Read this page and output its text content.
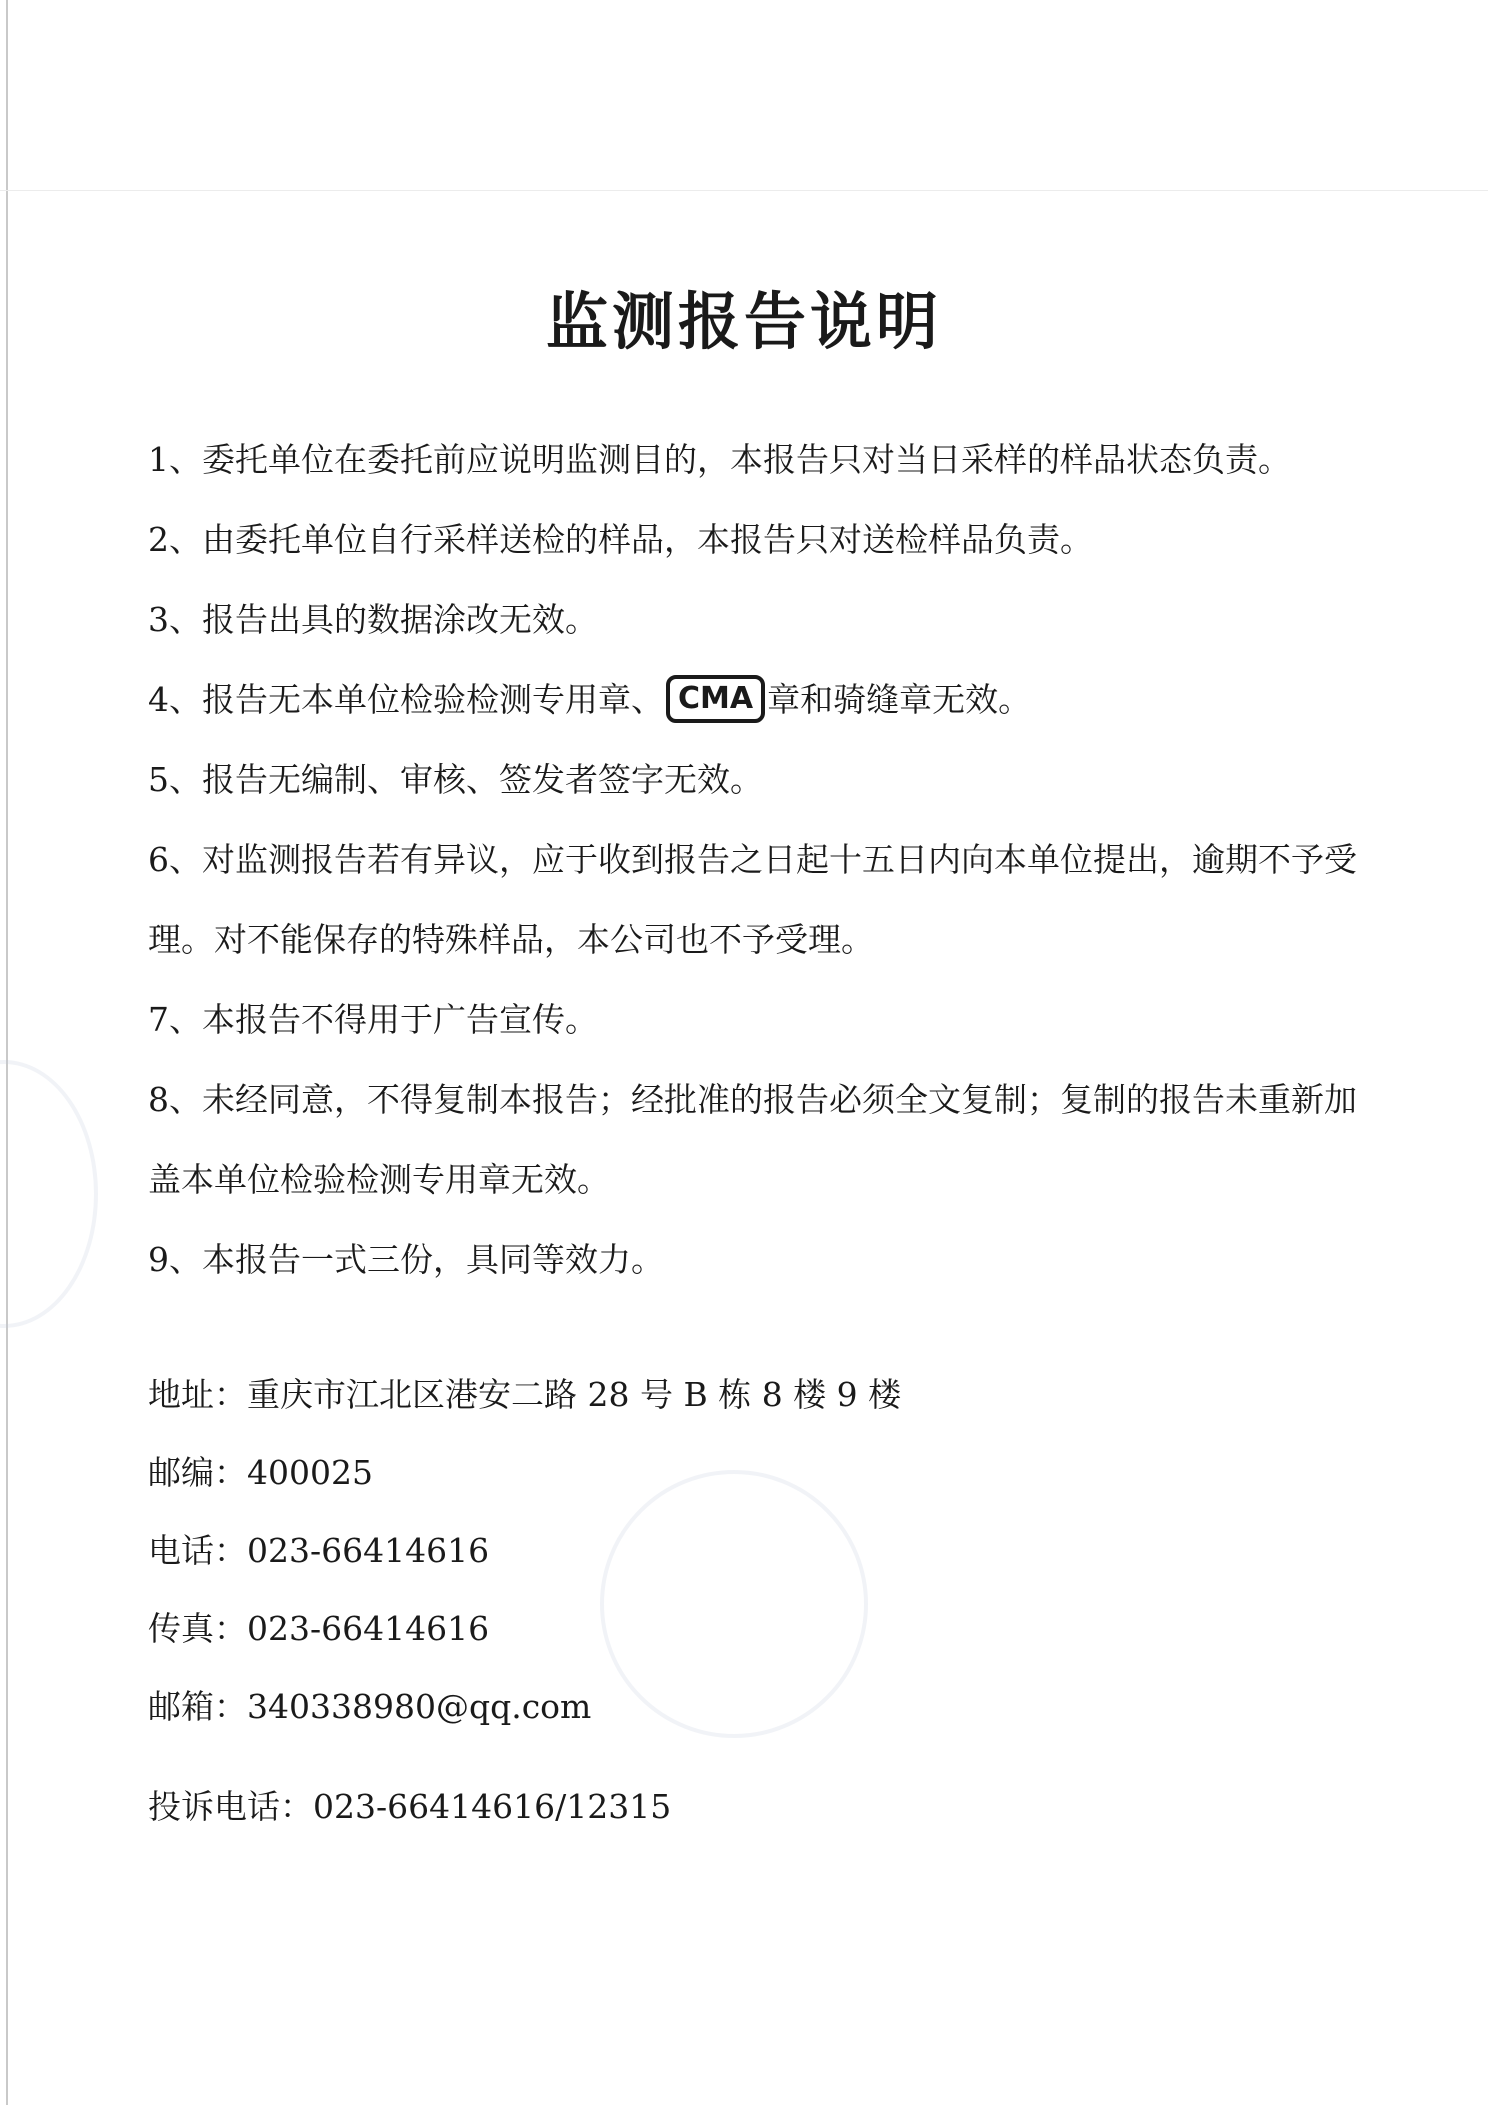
监测报告说明
1、委托单位在委托前应说明监测目的，本报告只对当日采样的样品状态负责。
2、由委托单位自行采样送检的样品，本报告只对送检样品负责。
3、报告出具的数据涂改无效。
4、报告无本单位检验检测专用章、 CMA 章和骑缝章无效。
5、报告无编制、审核、签发者签字无效。
6、对监测报告若有异议，应于收到报告之日起十五日内向本单位提出，逾期不予受理。对不能保存的特殊样品，本公司也不予受理。
7、本报告不得用于广告宣传。
8、未经同意，不得复制本报告；经批准的报告必须全文复制；复制的报告未重新加盖本单位检验检测专用章无效。
9、本报告一式三份，具同等效力。
地址：重庆市江北区港安二路 28 号 B 栋 8 楼 9 楼
邮编：400025
电话：023-66414616
传真：023-66414616
邮箱：340338980@qq.com
投诉电话：023-66414616/12315
